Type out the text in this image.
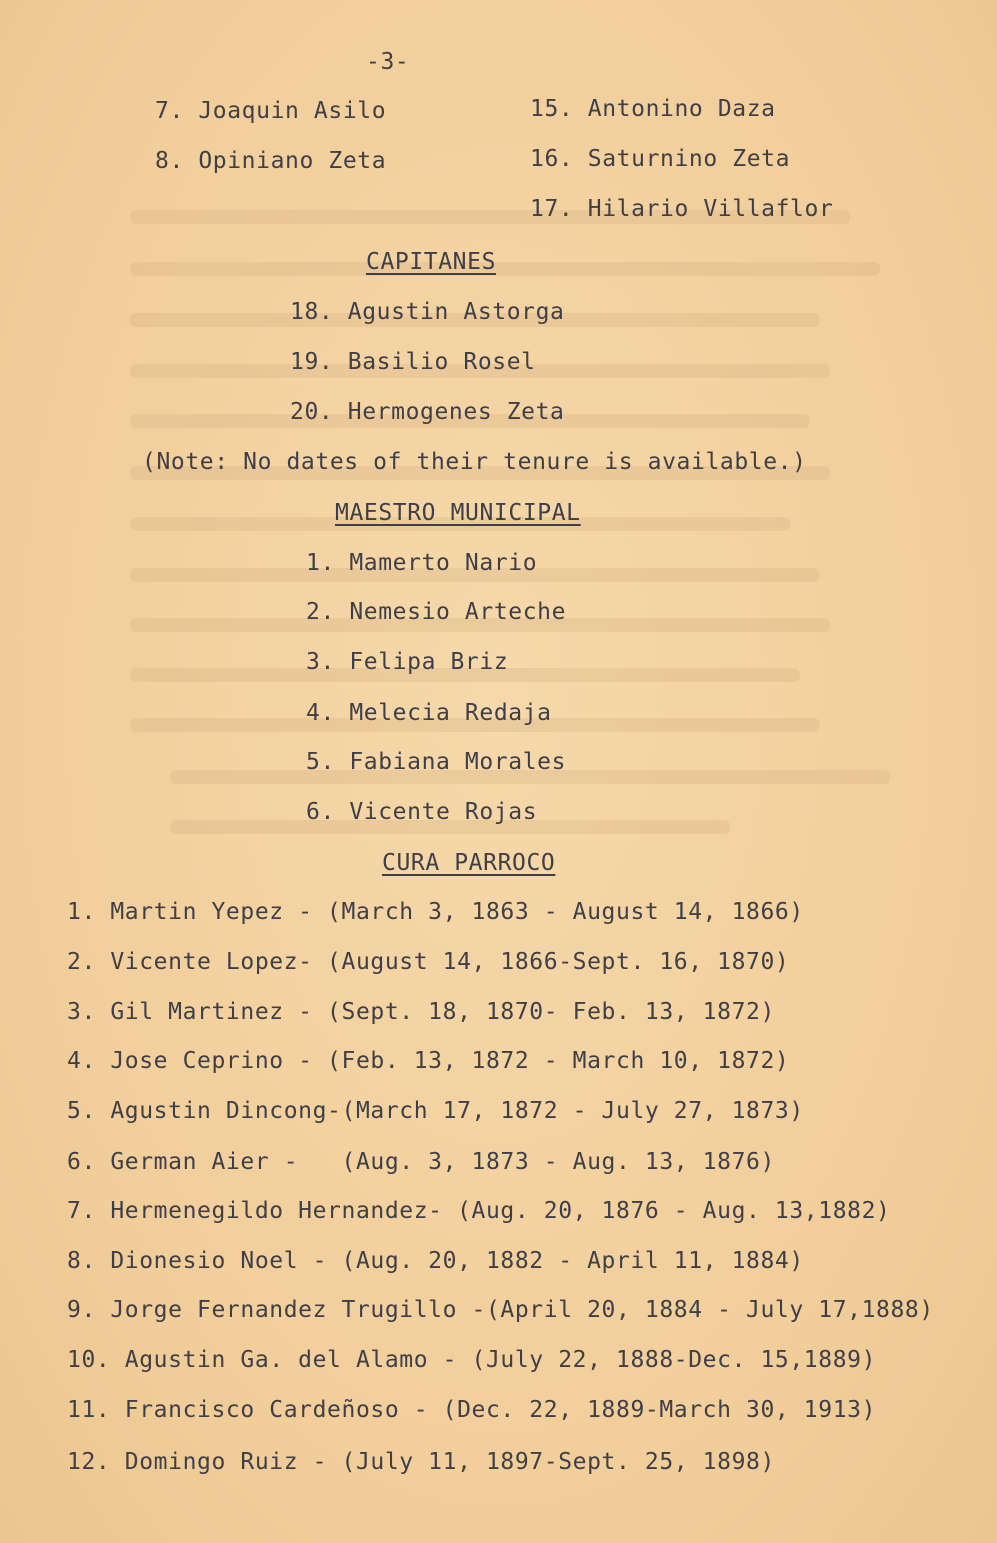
-3-
7. Joaquin Asilo
8. Opiniano Zeta
15. Antonino Daza
16. Saturnino Zeta
17. Hilario Villaflor
CAPITANES
18. Agustin Astorga
19. Basilio Rosel
20. Hermogenes Zeta
(Note: No dates of their tenure is available.)
MAESTRO MUNICIPAL
1. Mamerto Nario
2. Nemesio Arteche
3. Felipa Briz
4. Melecia Redaja
5. Fabiana Morales
6. Vicente Rojas
CURA PARROCO
1. Martin Yepez - (March 3, 1863 - August 14, 1866)
2. Vicente Lopez- (August 14, 1866-Sept. 16, 1870)
3. Gil Martinez - (Sept. 18, 1870- Feb. 13, 1872)
4. Jose Ceprino - (Feb. 13, 1872 - March 10, 1872)
5. Agustin Dincong-(March 17, 1872 - July 27, 1873)
6. German Aier -   (Aug. 3, 1873 - Aug. 13, 1876)
7. Hermenegildo Hernandez- (Aug. 20, 1876 - Aug. 13,1882)
8. Dionesio Noel - (Aug. 20, 1882 - April 11, 1884)
9. Jorge Fernandez Trugillo -(April 20, 1884 - July 17,1888)
10. Agustin Ga. del Alamo - (July 22, 1888-Dec. 15,1889)
11. Francisco Cardeñoso - (Dec. 22, 1889-March 30, 1913)
12. Domingo Ruiz - (July 11, 1897-Sept. 25, 1898)
